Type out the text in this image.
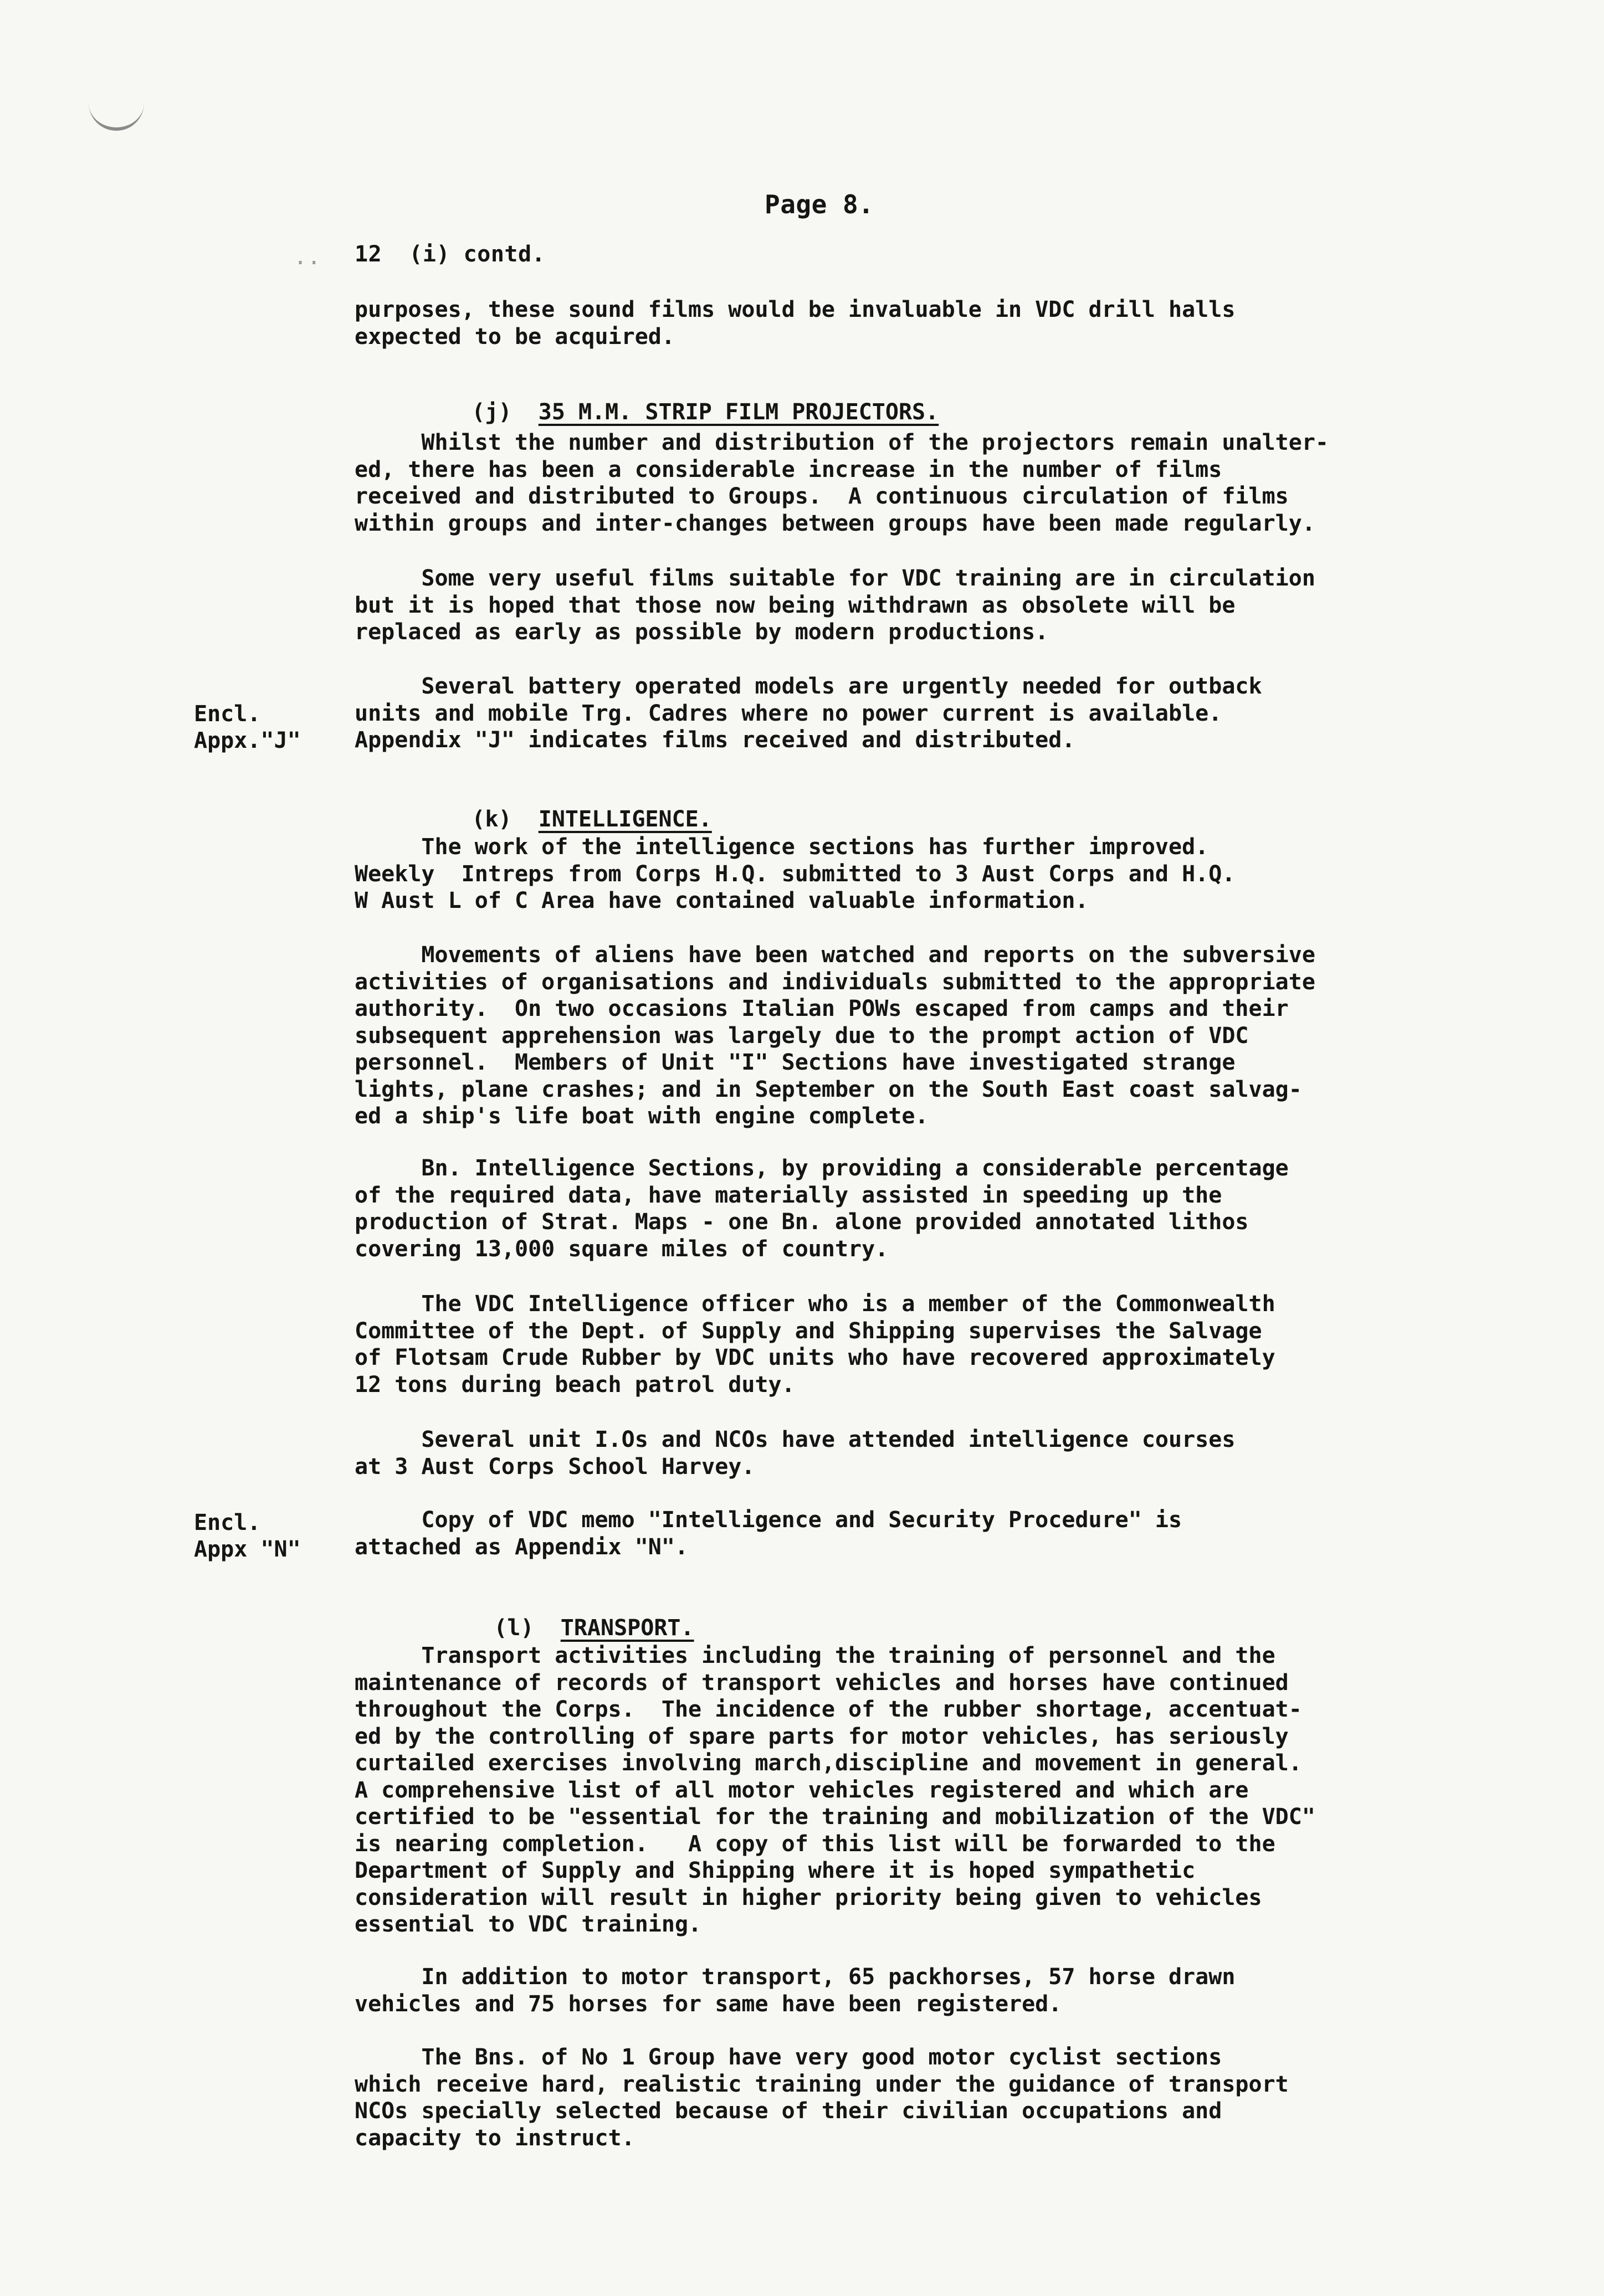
Page 8.
.. 12  (i) contd.

purposes, these sound films would be invaluable in VDC drill halls

expected to be acquired.

(j) 35 M.M. STRIP FILM PROJECTORS.

Whilst the number and distribution of the projectors remain unalter-

ed, there has been a considerable increase in the number of films

received and distributed to Groups.  A continuous circulation of films

within groups and inter-changes between groups have been made regularly.

Some very useful films suitable for VDC training are in circulation

but it is hoped that those now being withdrawn as obsolete will be

replaced as early as possible by modern productions.

Several battery operated models are urgently needed for outback

units and mobile Trg. Cadres where no power current is available.

Appendix "J" indicates films received and distributed.

Encl.
Appx."J"

(k) INTELLIGENCE.

The work of the intelligence sections has further improved.

Weekly  Intreps from Corps H.Q. submitted to 3 Aust Corps and H.Q.

W Aust L of C Area have contained valuable information.

Movements of aliens have been watched and reports on the subversive

activities of organisations and individuals submitted to the appropriate

authority.  On two occasions Italian POWs escaped from camps and their

subsequent apprehension was largely due to the prompt action of VDC

personnel.  Members of Unit "I" Sections have investigated strange

lights, plane crashes; and in September on the South East coast salvag-

ed a ship's life boat with engine complete.

Bn. Intelligence Sections, by providing a considerable percentage

of the required data, have materially assisted in speeding up the

production of Strat. Maps - one Bn. alone provided annotated lithos

covering 13,000 square miles of country.

The VDC Intelligence officer who is a member of the Commonwealth

Committee of the Dept. of Supply and Shipping supervises the Salvage

of Flotsam Crude Rubber by VDC units who have recovered approximately

12 tons during beach patrol duty.

Several unit I.Os and NCOs have attended intelligence courses

at 3 Aust Corps School Harvey.

Copy of VDC memo "Intelligence and Security Procedure" is

attached as Appendix "N".

Encl.
Appx "N"

(l) TRANSPORT.

Transport activities including the training of personnel and the

maintenance of records of transport vehicles and horses have continued

throughout the Corps.  The incidence of the rubber shortage, accentuat-

ed by the controlling of spare parts for motor vehicles, has seriously

curtailed exercises involving march,discipline and movement in general.

A comprehensive list of all motor vehicles registered and which are

certified to be "essential for the training and mobilization of the VDC"

is nearing completion.   A copy of this list will be forwarded to the

Department of Supply and Shipping where it is hoped sympathetic

consideration will result in higher priority being given to vehicles

essential to VDC training.

In addition to motor transport, 65 packhorses, 57 horse drawn

vehicles and 75 horses for same have been registered.

The Bns. of No 1 Group have very good motor cyclist sections

which receive hard, realistic training under the guidance of transport

NCOs specially selected because of their civilian occupations and

capacity to instruct.
